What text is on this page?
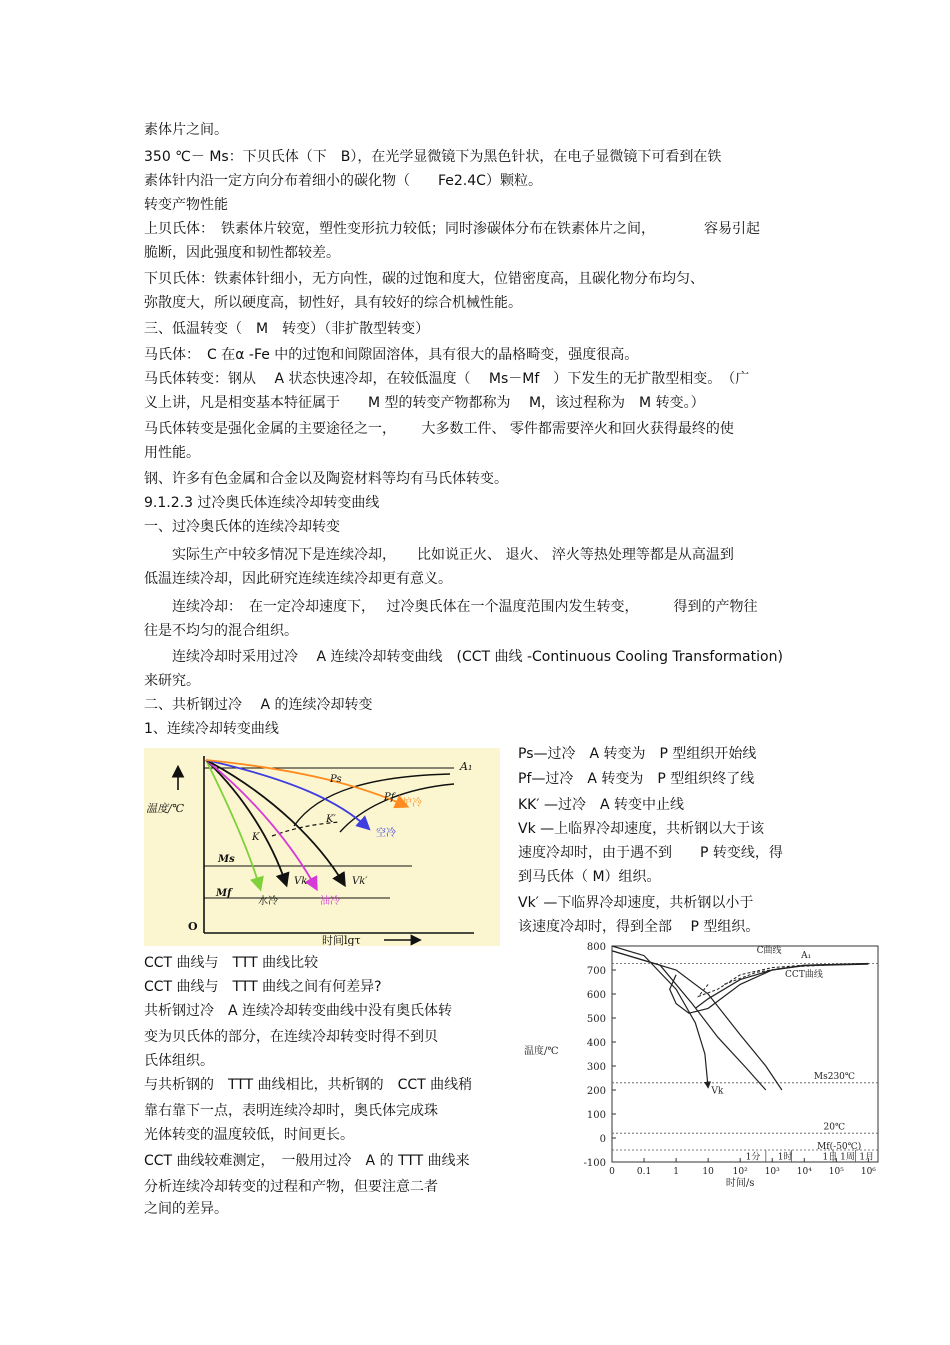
素体片之间。
350 ℃－ Ms：下贝氏体（下　B），在光学显微镜下为黑色针状，在电子显微镜下可看到在铁
素体针内沿一定方向分布着细小的碳化物（　　Fe2.4C）颗粒。
转变产物性能
上贝氏体：　铁素体片较宽，塑性变形抗力较低；同时渗碳体分布在铁素体片之间，　　　　容易引起
脆断，因此强度和韧性都较差。
下贝氏体：铁素体针细小，无方向性，碳的过饱和度大，位错密度高，且碳化物分布均匀、
弥散度大，所以硬度高，韧性好，具有较好的综合机械性能。
三、低温转变（　M　转变）（非扩散型转变）
马氏体：　C 在α -Fe 中的过饱和间隙固溶体，具有很大的晶格畸变，强度很高。
马氏体转变：钢从　 A 状态快速冷却，在较低温度（　 Ms－Mf　）下发生的无扩散型相变。　（广
义上讲，凡是相变基本特征属于　　M 型的转变产物都称为　 M，该过程称为　M 转变。）
马氏体转变是强化金属的主要途径之一，　　 大多数工件、 零件都需要淬火和回火获得最终的使
用性能。
钢、许多有色金属和合金以及陶瓷材料等均有马氏体转变。
9.1.2.3 过冷奥氏体连续冷却转变曲线
一、过冷奥氏体的连续冷却转变
　　实际生产中较多情况下是连续冷却，　　比如说正火、 退火、 淬火等热处理等都是从高温到
低温连续冷却，因此研究连续连续冷却更有意义。
　　连续冷却：　在一定冷却速度下，　 过冷奥氏体在一个温度范围内发生转变，　　　得到的产物往
往是不均匀的混合组织。
　　连续冷却时采用过冷　 A 连续冷却转变曲线　(CCT 曲线 -Continuous Cooling Transformation)
来研究。
二、共析钢过冷　 A 的连续冷却转变
1、连续冷却转变曲线
Ps—过冷　A 转变为　P 型组织开始线
Pf—过冷　A 转变为　P 型组织终了线
KK′ —过冷　A 转变中止线
Vk —上临界冷却速度，共析钢以大于该
速度冷却时，由于遇不到　　P 转变线，得
到马氏体（ M）组织。
Vk′ —下临界冷却速度，共析钢以小于
该速度冷却时，得到全部　 P 型组织。
CCT 曲线与　TTT 曲线比较
CCT 曲线与　TTT 曲线之间有何差异?
共析钢过冷　A 连续冷却转变曲线中没有奥氏体转
变为贝氏体的部分，在连续冷却转变时得不到贝
氏体组织。
与共析钢的　TTT 曲线相比，共析钢的　CCT 曲线稍
靠右靠下一点，表明连续冷却时，奥氏体完成珠
光体转变的温度较低，时间更长。
CCT 曲线较难测定，　一般用过冷　A 的 TTT 曲线来
分析连续冷却转变的过程和产物，但要注意二者
之间的差异。
温度/℃
时间lgτ
O
A₁
Ps
Pf
K
K′
Ms
Mf
Vk	Vk′
水冷	油冷
空冷
炉冷
-100
0
100
200
300
400
500
600
700
800
0 0.1 1	10 10² 10³ 10⁴ 10⁵ 10⁶
温度/℃
时间/s
C曲线 A₁
CCT曲线
Ms230℃
20℃
Mf(-50℃)
Vk
1分 1时	1日 1周 1月
